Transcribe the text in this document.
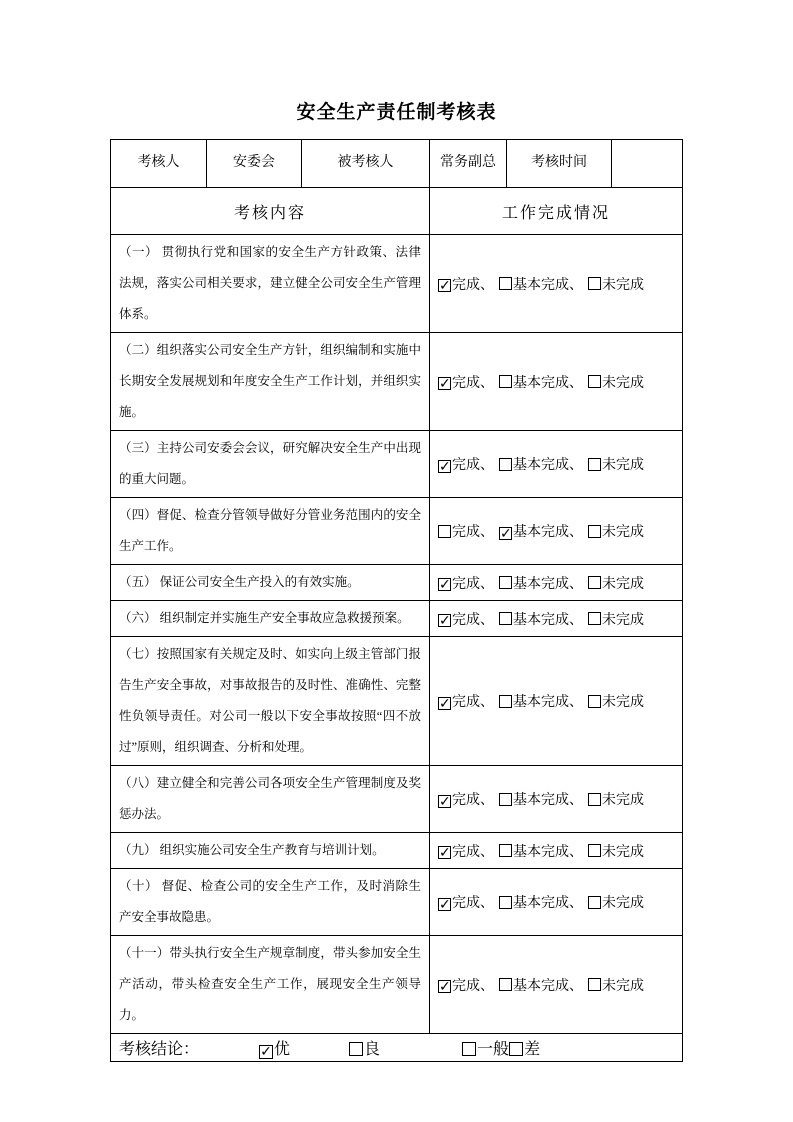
安全生产责任制考核表
考核人	安委会	被考核人	常务副总	考核时间	
考核内容			工作完成情况		
（一） 贯彻执行党和国家的安全生产方针政策、法律法规，落实公司相关要求，建立健全公司安全生产管理体系。			✓完成、 基本完成、 未完成		
（二）组织落实公司安全生产方针，组织编制和实施中长期安全发展规划和年度安全生产工作计划，并组织实施。			✓完成、 基本完成、 未完成		
（三）主持公司安委会会议，研究解决安全生产中出现的重大问题。			✓完成、 基本完成、 未完成		
（四）督促、检查分管领导做好分管业务范围内的安全生产工作。			完成、 ✓基本完成、 未完成		
（五） 保证公司安全生产投入的有效实施。			✓完成、 基本完成、 未完成		
（六） 组织制定并实施生产安全事故应急救援预案。			✓完成、 基本完成、 未完成		
（七）按照国家有关规定及时、如实向上级主管部门报告生产安全事故，对事故报告的及时性、准确性、完整性负领导责任。对公司一般以下安全事故按照“四不放过”原则，组织调查、分析和处理。			✓完成、 基本完成、 未完成		
（八）建立健全和完善公司各项安全生产管理制度及奖惩办法。			✓完成、 基本完成、 未完成		
（九） 组织实施公司安全生产教育与培训计划。			✓完成、 基本完成、 未完成		
（十） 督促、检查公司的安全生产工作，及时消除生产安全事故隐患。			✓完成、 基本完成、 未完成		
（十一）带头执行安全生产规章制度，带头参加安全生产活动，带头检查安全生产工作，展现安全生产领导力。			✓完成、 基本完成、 未完成		

考核结论： ✓ 优 良 一般 差					
